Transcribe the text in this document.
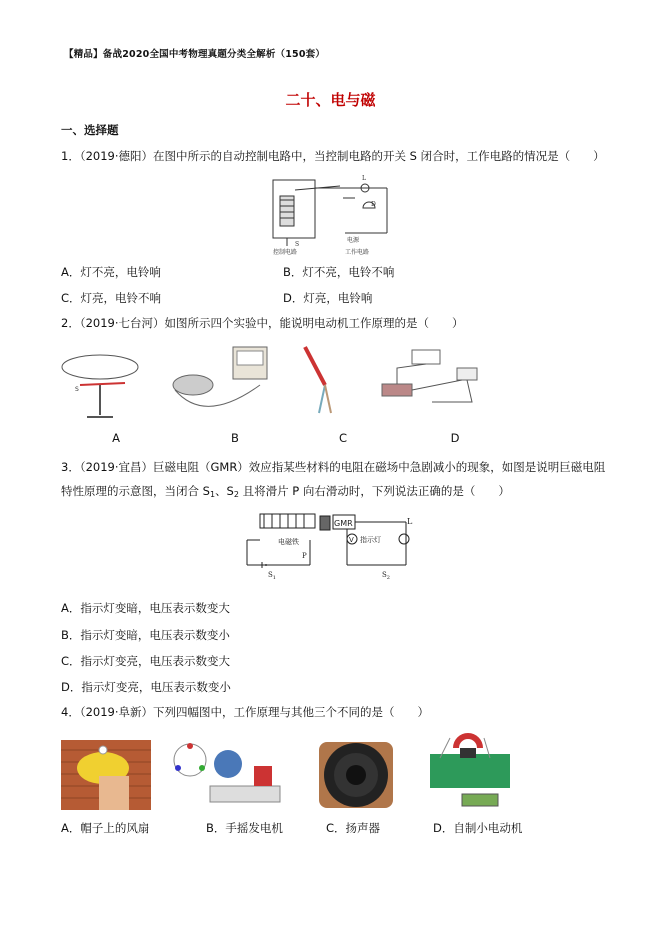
【精品】备战2020全国中考物理真题分类全解析（150套）
二十、电与磁
一、选择题
1．（2019·德阳）在图中所示的自动控制电路中，当控制电路的开关 S 闭合时，工作电路的情况是（　　）
控制电路
电源
工作电路
L
D
S
A．灯不亮，电铃响	B．灯不亮，电铃不响
C．灯亮，电铃不响	D．灯亮，电铃响
2．（2019·七台河）如图所示四个实验中，能说明电动机工作原理的是（　　）
S
A	B	C	D
3．（2019·宜昌）巨磁电阻（GMR）效应指某些材料的电阻在磁场中急剧减小的现象，如图是说明巨磁电阻
特性原理的示意图，当闭合 $S_1$、$S_2$ 且将滑片 P 向右滑动时，下列说法正确的是（　　）
GMR
V 指示灯
L
电磁铁
P
$S_1$	$S_2$
A．指示灯变暗，电压表示数变大
B．指示灯变暗，电压表示数变小
C．指示灯变亮，电压表示数变大
D．指示灯变亮，电压表示数变小
4．（2019·阜新）下列四幅图中，工作原理与其他三个不同的是（　　）
A．帽子上的风扇	B．手摇发电机	C．扬声器	D．自制小电动机
